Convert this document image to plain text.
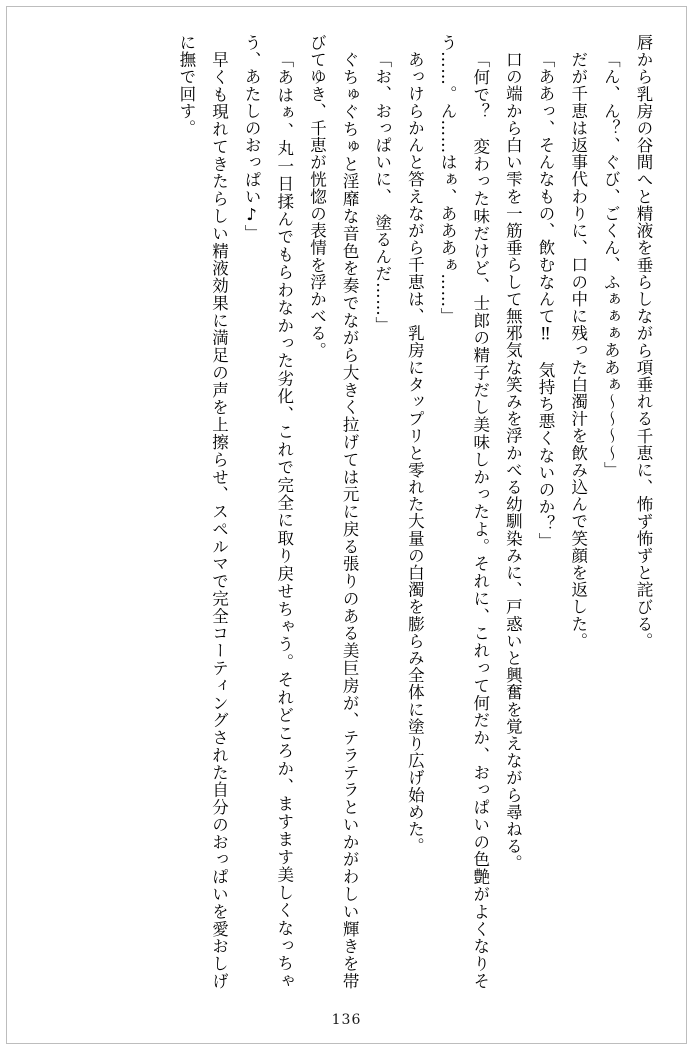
唇から乳房の谷間へと精液を垂らしながら項垂れる千恵に、怖ず怖ずと詫びる。

「ん、ん？、ぐび、ごくん、ふぁぁぁああぁ～～～～」

だが千恵は返事代わりに、口の中に残った白濁汁を飲み込んで笑顔を返した。

「ああっ、そんなもの、飲むなんて‼　気持ち悪くないのか？」

口の端から白い雫を一筋垂らして無邪気な笑みを浮かべる幼馴染みに、戸惑いと興奮を覚えながら尋ねる。

「何で？　変わった味だけど、士郎の精子だし美味しかったよ。それに、これって何だか、おっぱいの色艶がよくなりそう……。ん……はぁ、あああぁ……」

あっけらかんと答えながら千恵は、乳房にタップリと零れた大量の白濁を膨らみ全体に塗り広げ始めた。

「お、おっぱいに、　塗るんだ……」

ぐちゅぐちゅと淫靡な音色を奏でながら大きく拉げては元に戻る張りのある美巨房が、テラテラといかがわしい輝きを帯びてゆき、千恵が恍惚の表情を浮かべる。

「あはぁ、丸一日揉んでもらわなかった劣化、これで完全に取り戻せちゃう。それどころか、ますます美しくなっちゃう、あたしのおっぱい♪」

早くも現れてきたらしい精液効果に満足の声を上擦らせ、スペルマで完全コーティングされた自分のおっぱいを愛おしげに撫で回す。

136
